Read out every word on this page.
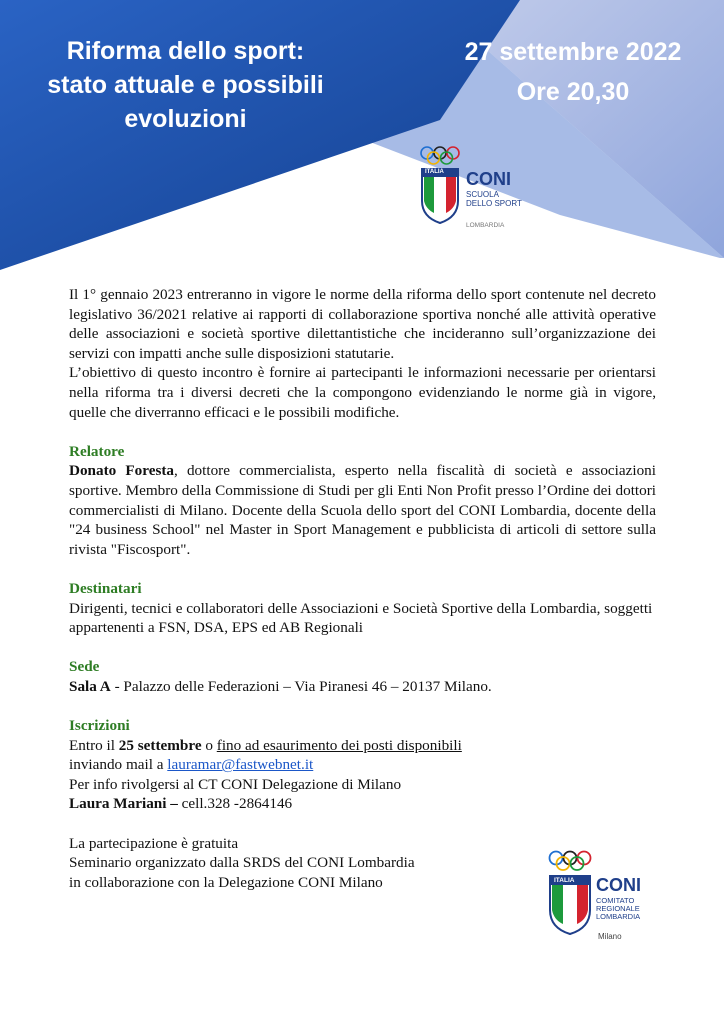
Riforma dello sport:
stato attuale e possibili
evoluzioni
27 settembre 2022
Ore 20,30
ITALIA CONI
SCUOLA
DELLO SPORT
LOMBARDIA

Il 1° gennaio 2023 entreranno in vigore le norme della riforma dello sport contenute nel decreto legislativo 36/2021 relative ai rapporti di collaborazione sportiva nonché alle attività operative delle associazioni e società sportive dilettantistiche che incideranno sull’organizzazione dei servizi con impatti anche sulle disposizioni statutarie.

L’obiettivo di questo incontro è fornire ai partecipanti le informazioni necessarie per orientarsi nella riforma tra i diversi decreti che la compongono evidenziando le norme già in vigore, quelle che diverranno efficaci e le possibili modifiche.

Relatore

Donato Foresta, dottore commercialista, esperto nella fiscalità di società e associazioni sportive. Membro della Commissione di Studi per gli Enti Non Profit presso l’Ordine dei dottori commercialisti di Milano. Docente della Scuola dello sport del CONI Lombardia, docente della "24 business School" nel Master in Sport Management e pubblicista di articoli di settore sulla rivista "Fiscosport".

Destinatari

Dirigenti, tecnici e collaboratori delle Associazioni e Società Sportive della Lombardia, soggetti appartenenti a FSN, DSA, EPS ed AB Regionali

Sede

Sala A - Palazzo delle Federazioni – Via Piranesi 46 – 20137 Milano.

Iscrizioni

Entro il 25 settembre o fino ad esaurimento dei posti disponibili

inviando mail a lauramar@fastwebnet.it

Per info rivolgersi al CT CONI Delegazione di Milano

Laura Mariani – cell.328 -2864146

La partecipazione è gratuita

Seminario organizzato dalla SRDS del CONI Lombardia

in collaborazione con la Delegazione CONI Milano	ITALIA CONI
COMITATO
REGIONALE
LOMBARDIA
Milano
